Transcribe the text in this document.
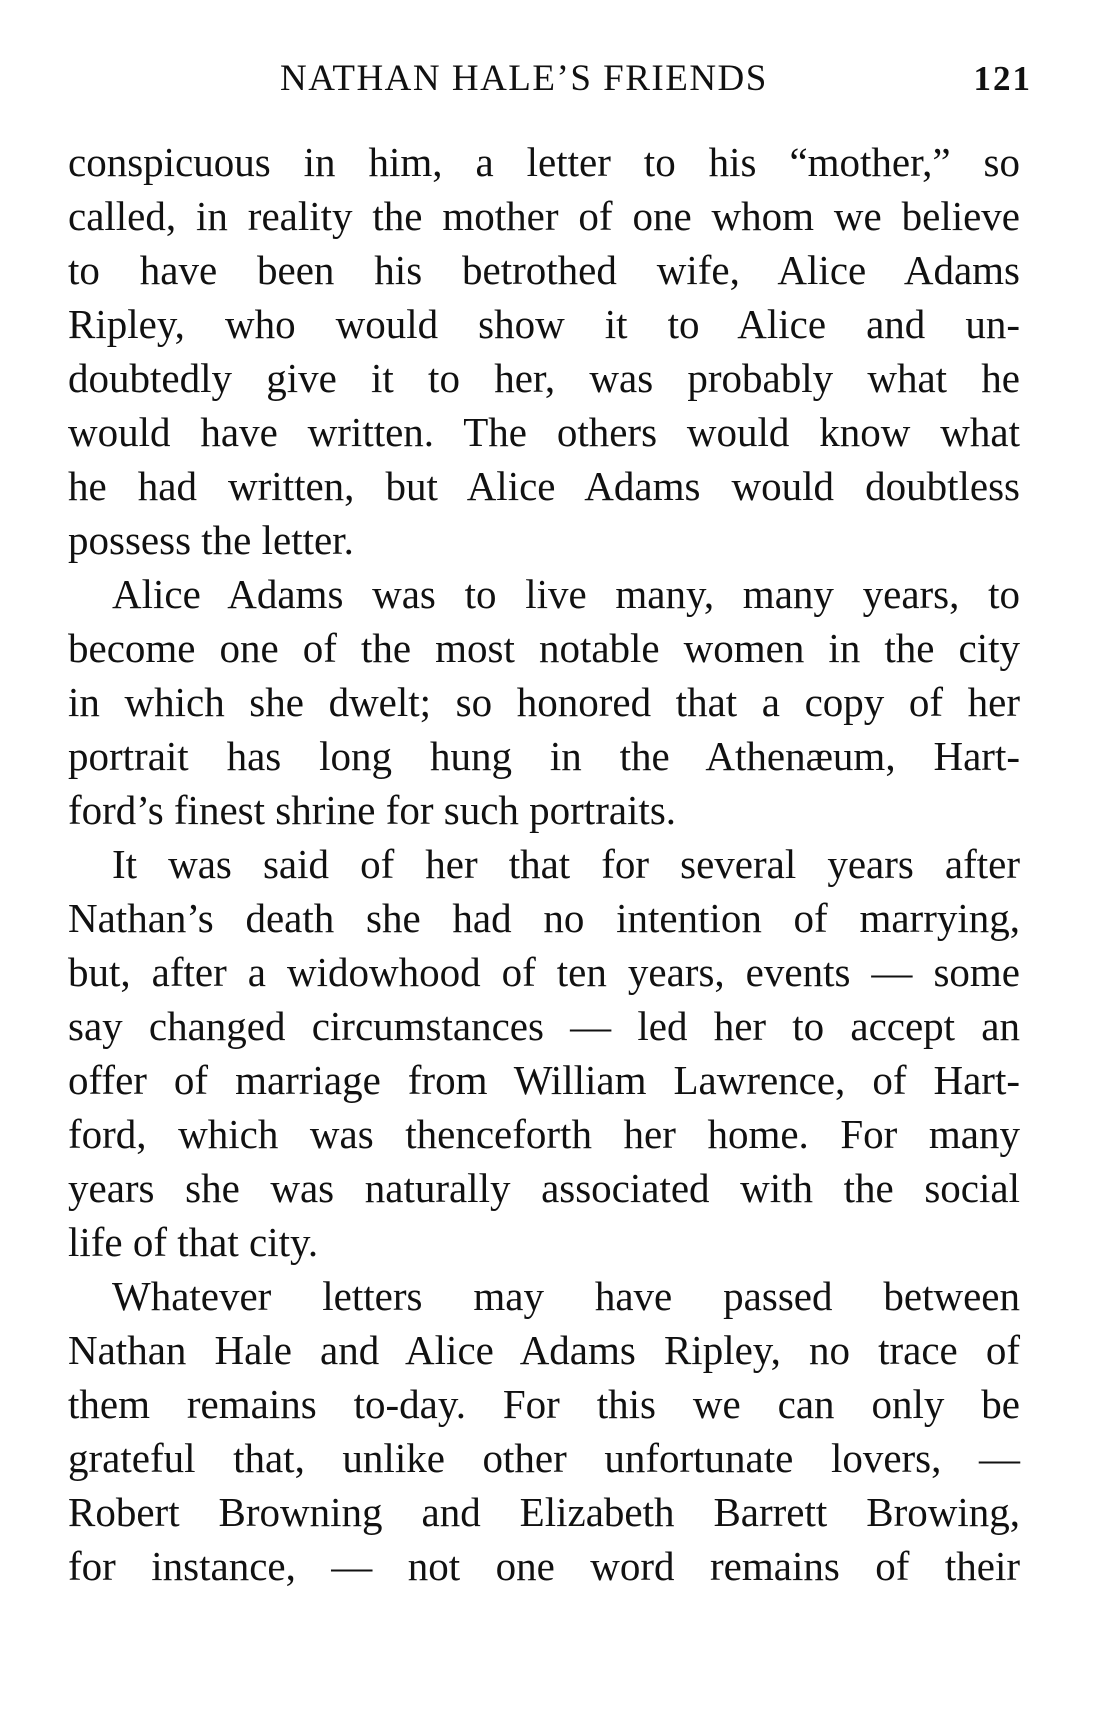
NATHAN HALE’S FRIENDS	121
conspicuous in him, a letter to his “mother,” so
called, in reality the mother of one whom we believe
to have been his betrothed wife, Alice Adams
Ripley, who would show it to Alice and un-
doubtedly give it to her, was probably what he
would have written. The others would know what
he had written, but Alice Adams would doubtless
possess the letter.
Alice Adams was to live many, many years, to
become one of the most notable women in the city
in which she dwelt; so honored that a copy of her
portrait has long hung in the Athenæum, Hart-
ford’s finest shrine for such portraits.
It was said of her that for several years after
Nathan’s death she had no intention of marrying,
but, after a widowhood of ten years, events — some
say changed circumstances — led her to accept an
offer of marriage from William Lawrence, of Hart-
ford, which was thenceforth her home. For many
years she was naturally associated with the social
life of that city.
Whatever letters may have passed between
Nathan Hale and Alice Adams Ripley, no trace of
them remains to-day. For this we can only be
grateful that, unlike other unfortunate lovers, —
Robert Browning and Elizabeth Barrett Browing,
for instance, — not one word remains of their
